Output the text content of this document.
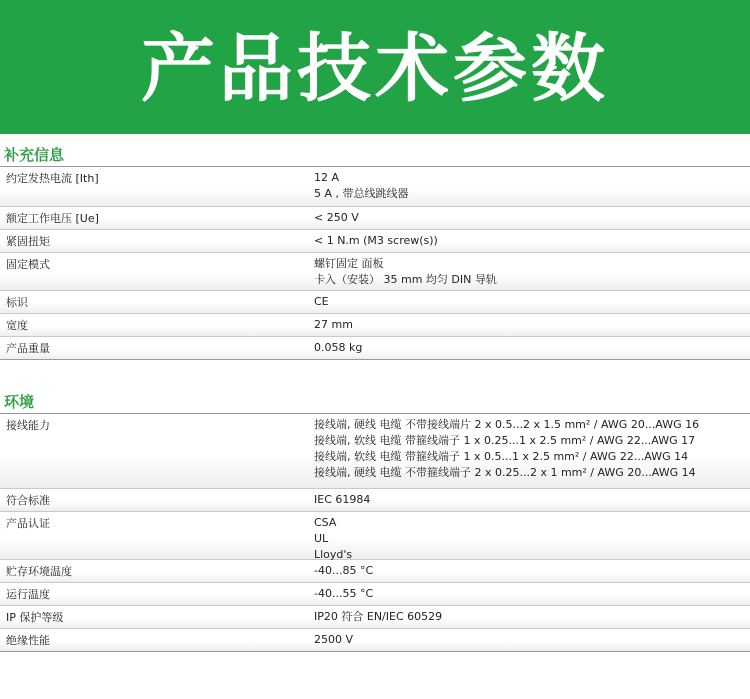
产品技术参数
补充信息
约定发热电流 [Ith]	12 A
5 A , 带总线跳线器
额定工作电压 [Ue]	< 250 V
紧固扭矩	< 1 N.m (M3 screw(s))
固定模式	螺钉固定 面板
卡入（安装） 35 mm 均匀 DIN 导轨
标识	CE
宽度	27 mm
产品重量	0.058 kg
环境
接线能力	接线端, 硬线 电缆 不带接线端片 2 x 0.5...2 x 1.5 mm² / AWG 20...AWG 16
接线端, 软线 电缆 带箍线端子 1 x 0.25...1 x 2.5 mm² / AWG 22...AWG 17
接线端, 软线 电缆 带箍线端子 1 x 0.5...1 x 2.5 mm² / AWG 22...AWG 14
接线端, 硬线 电缆 不带箍线端子 2 x 0.25...2 x 1 mm² / AWG 20...AWG 14
符合标准	IEC 61984
产品认证	CSA
UL
Lloyd's
贮存环境温度	-40...85 °C
运行温度	-40...55 °C
IP 保护等级	IP20 符合 EN/IEC 60529
绝缘性能	2500 V
